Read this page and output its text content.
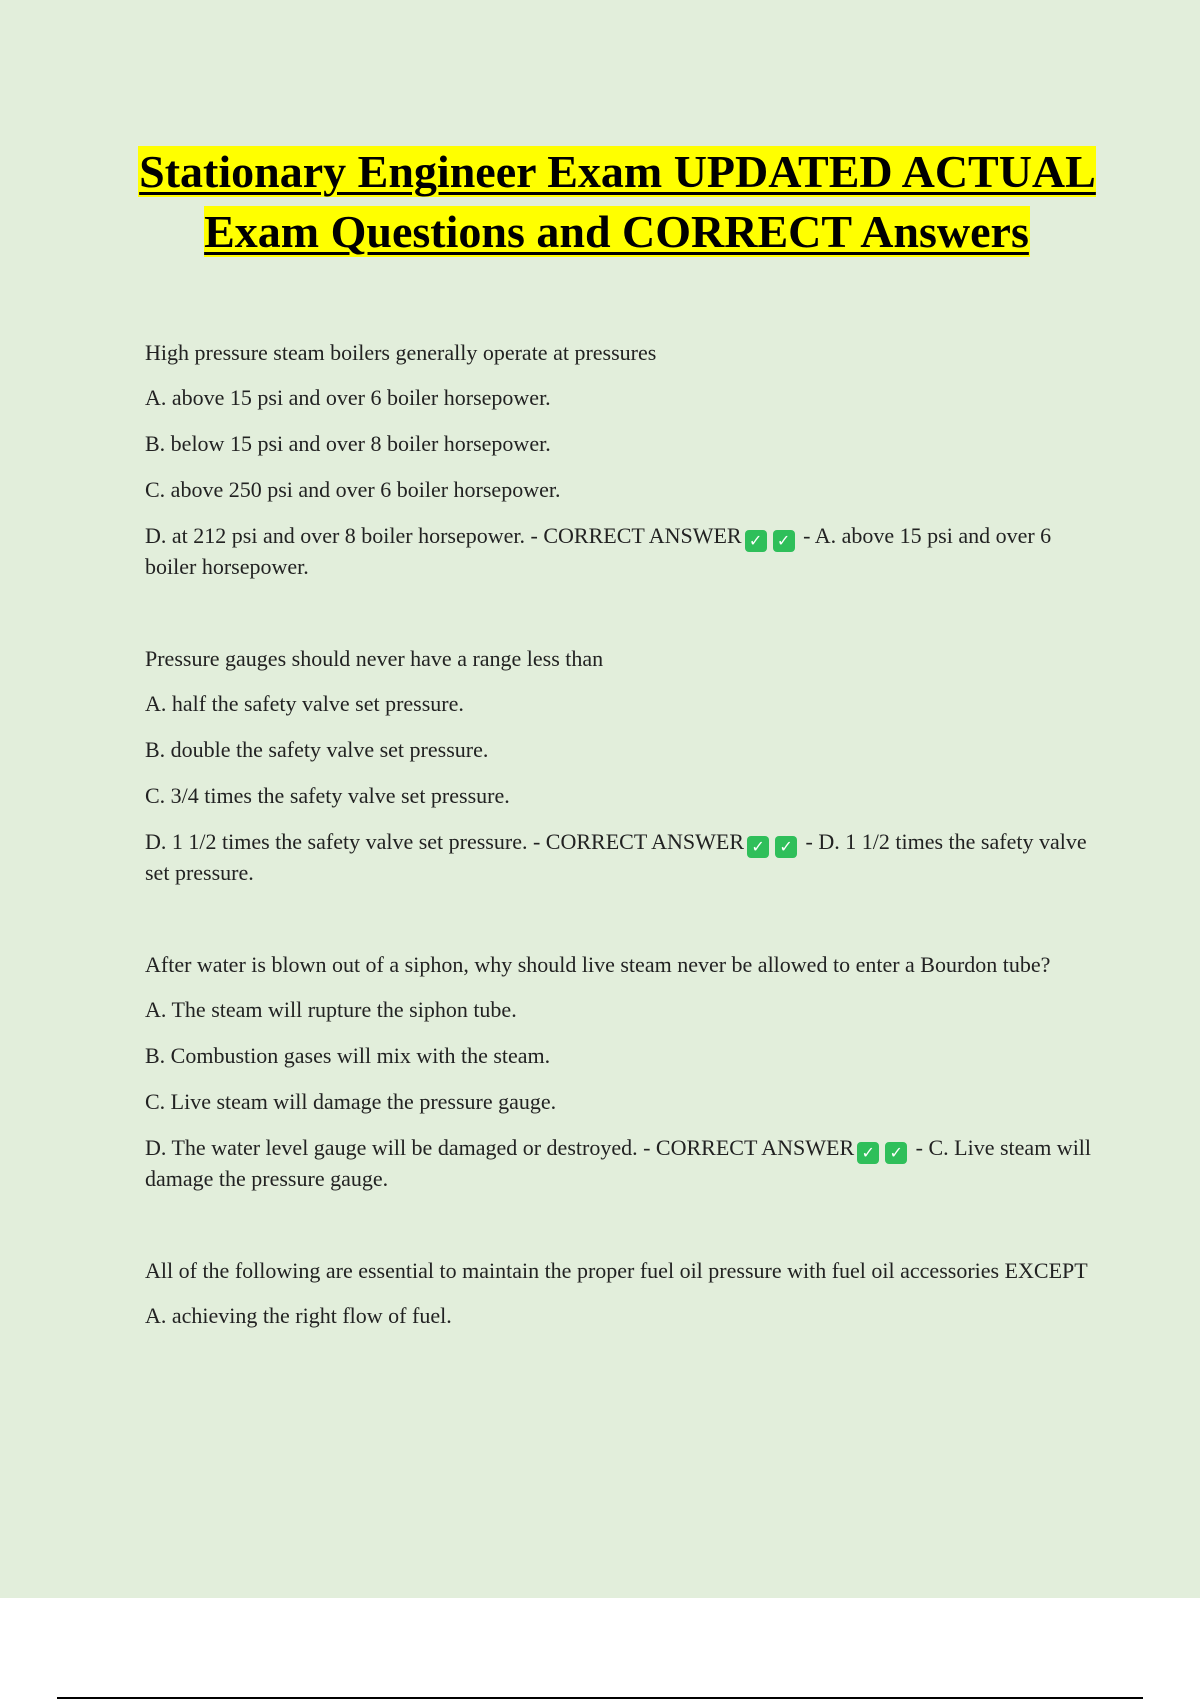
Stationary Engineer Exam UPDATED ACTUAL Exam Questions and CORRECT Answers

High pressure steam boilers generally operate at pressures

A. above 15 psi and over 6 boiler horsepower.

B. below 15 psi and over 8 boiler horsepower.

C. above 250 psi and over 6 boiler horsepower.

D. at 212 psi and over 8 boiler horsepower. - CORRECT ANSWER ✓ ✓ - A. above 15 psi and over 6 boiler horsepower.

Pressure gauges should never have a range less than

A. half the safety valve set pressure.

B. double the safety valve set pressure.

C. 3/4 times the safety valve set pressure.

D. 1 1/2 times the safety valve set pressure. - CORRECT ANSWER ✓ ✓ - D. 1 1/2 times the safety valve set pressure.

After water is blown out of a siphon, why should live steam never be allowed to enter a Bourdon tube?

A. The steam will rupture the siphon tube.

B. Combustion gases will mix with the steam.

C. Live steam will damage the pressure gauge.

D. The water level gauge will be damaged or destroyed. - CORRECT ANSWER ✓ ✓ - C. Live steam will damage the pressure gauge.

All of the following are essential to maintain the proper fuel oil pressure with fuel oil accessories EXCEPT

A. achieving the right flow of fuel.
